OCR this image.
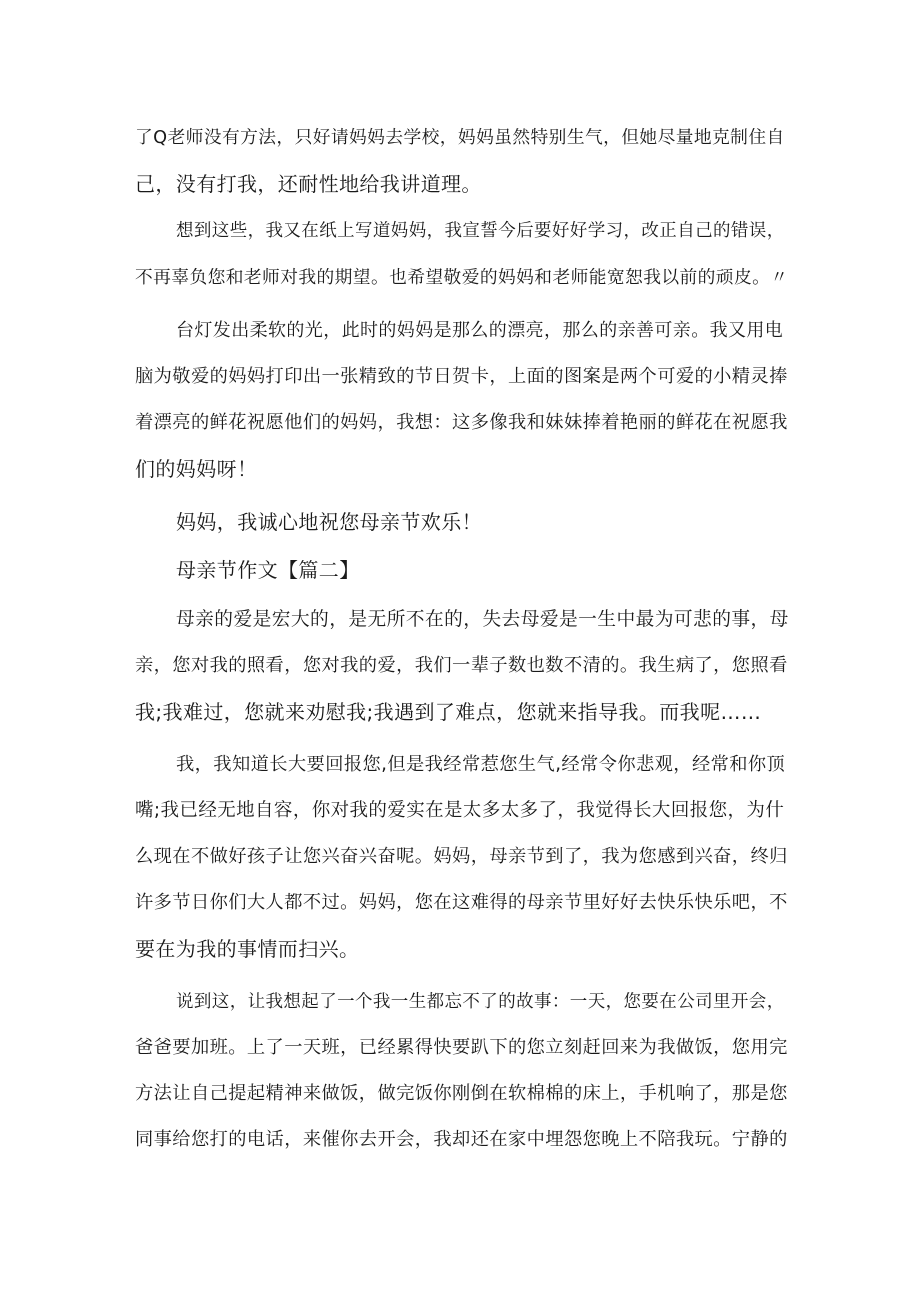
了Q老师没有方法，只好请妈妈去学校，妈妈虽然特别生气，但她尽量地克制住自
己，没有打我，还耐性地给我讲道理。
想到这些，我又在纸上写道妈妈，我宣誓今后要好好学习，改正自己的错误，
不再辜负您和老师对我的期望。也希望敬爱的妈妈和老师能宽恕我以前的顽皮。〃
台灯发出柔软的光，此时的妈妈是那么的漂亮，那么的亲善可亲。我又用电
脑为敬爱的妈妈打印出一张精致的节日贺卡，上面的图案是两个可爱的小精灵捧
着漂亮的鲜花祝愿他们的妈妈，我想：这多像我和妹妹捧着艳丽的鲜花在祝愿我
们的妈妈呀！
妈妈，我诚心地祝您母亲节欢乐！
母亲节作文【篇二】
母亲的爱是宏大的，是无所不在的，失去母爱是一生中最为可悲的事，母
亲，您对我的照看，您对我的爱，我们一辈子数也数不清的。我生病了，您照看
我;我难过，您就来劝慰我;我遇到了难点，您就来指导我。而我呢……
我，我知道长大要回报您,但是我经常惹您生气,经常令你悲观，经常和你顶
嘴;我已经无地自容，你对我的爱实在是太多太多了，我觉得长大回报您，为什
么现在不做好孩子让您兴奋兴奋呢。妈妈，母亲节到了，我为您感到兴奋，终归
许多节日你们大人都不过。妈妈，您在这难得的母亲节里好好去快乐快乐吧，不
要在为我的事情而扫兴。
说到这，让我想起了一个我一生都忘不了的故事：一天，您要在公司里开会，
爸爸要加班。上了一天班，已经累得快要趴下的您立刻赶回来为我做饭，您用完
方法让自己提起精神来做饭，做完饭你刚倒在软棉棉的床上，手机响了，那是您
同事给您打的电话，来催你去开会，我却还在家中埋怨您晚上不陪我玩。宁静的
